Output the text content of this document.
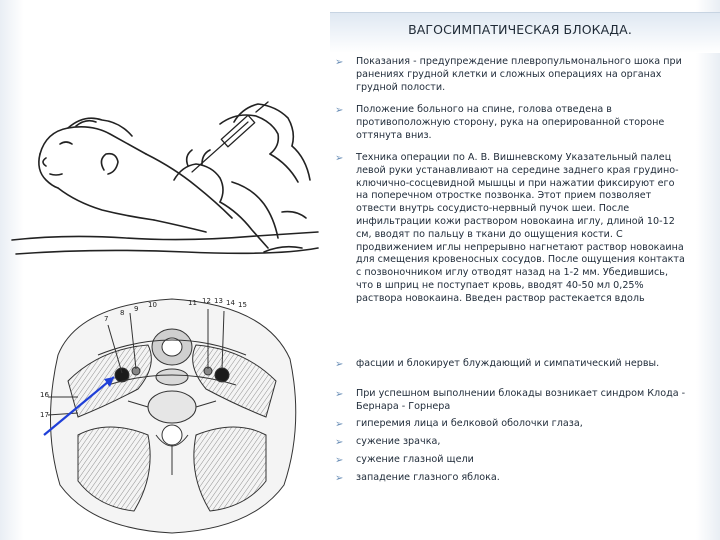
ВАГОСИМПАТИЧЕСКАЯ БЛОКАДА.
7
8 9 10	11 12 13 14 15
16
17
➢	Показания - предупреждение плевропульмонального шока при ранениях грудной клетки и сложных операциях на органах грудной полости.
➢	Положение больного на спине, голова отведена в противоположную сторону, рука на оперированной стороне оттянута вниз.
➢	Техника операции по А. В. Вишневскому Указательный палец левой руки устанавливают на середине заднего края грудино-ключично-сосцевидной мышцы и при нажатии фиксируют его на поперечном отростке позвонка. Этот прием позволяет отвести внутрь сосудисто-нервный пучок шеи. После инфильтрации кожи раствором новокаина иглу, длиной 10-12 см, вводят по пальцу в ткани до ощущения кости. С продвижением иглы непрерывно нагнетают раствор новокаина для смещения кровеносных сосудов. После ощущения контакта с позвоночником иглу отводят назад на 1-2 мм. Убедившись, что в шприц не поступает кровь, вводят 40-50 мл 0,25% раствора новокаина. Введен раствор растекается вдоль
➢	фасции и блокирует блуждающий и симпатический нервы.
➢	При успешном выполнении блокады возникает синдром Клода - Бернара - Горнера
➢	гиперемия лица и белковой оболочки глаза,
➢	сужение зрачка,
➢	сужение глазной щели
➢	западение глазного яблока.
